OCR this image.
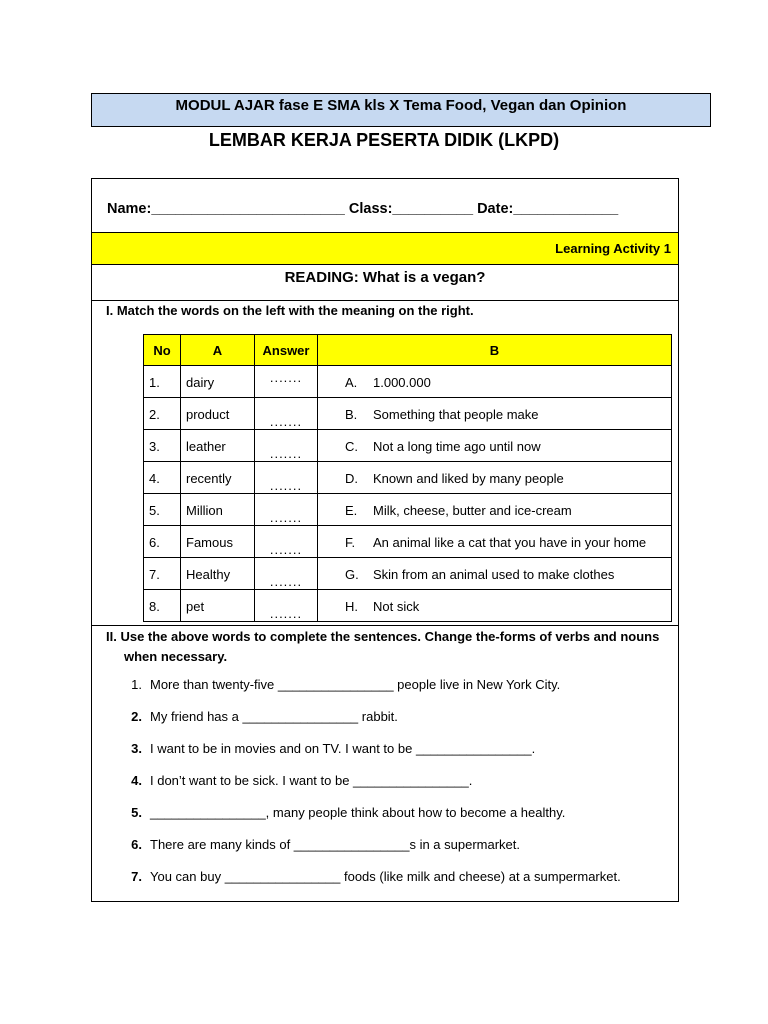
MODUL AJAR fase E SMA kls X Tema Food, Vegan dan Opinion
LEMBAR KERJA PESERTA DIDIK (LKPD)
Name:________________________ Class:__________ Date:_____________
Learning Activity 1
READING: What is a vegan?
I. Match the words on the left with the meaning on the right.
No	A	Answer	B

1.	dairy	.......	A. 1.000.000

2.	product	.......	B. Something that people make

3.	leather	.......	C. Not a long time ago until now

4.	recently	.......	D. Known and liked by many people

5.	Million	.......	E. Milk, cheese, butter and ice-cream

6.	Famous	.......	F. An animal like a cat that you have in your home

7.	Healthy	.......	G. Skin from an animal used to make clothes

8.	pet	.......	H. Not sick
II. Use the above words to complete the sentences. Change the-forms of verbs and nouns
when necessary.
1. More than twenty-five ________________ people live in New York City.
2. My friend has a ________________ rabbit.
3. I want to be in movies and on TV. I want to be ________________.
4. I don’t want to be sick. I want to be ________________.
5. ________________, many people think about how to become a healthy.
6. There are many kinds of ________________s in a supermarket.
7. You can buy ________________ foods (like milk and cheese) at a sumpermarket.
